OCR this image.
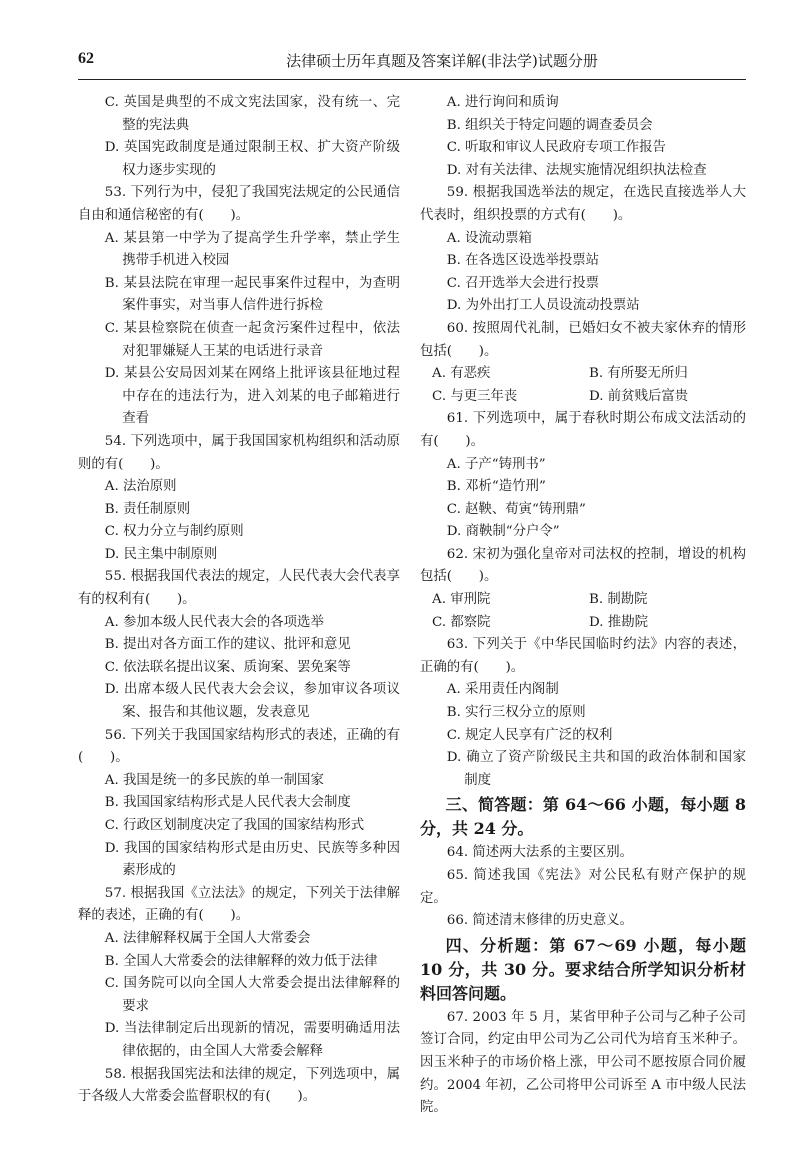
62	法律硕士历年真题及答案详解(非法学)试题分册
C. 英国是典型的不成文宪法国家，没有统一、完整的宪法典
D. 英国宪政制度是通过限制王权、扩大资产阶级权力逐步实现的
53. 下列行为中，侵犯了我国宪法规定的公民通信自由和通信秘密的有(　　)。
A. 某县第一中学为了提高学生升学率，禁止学生携带手机进入校园
B. 某县法院在审理一起民事案件过程中，为查明案件事实，对当事人信件进行拆检
C. 某县检察院在侦查一起贪污案件过程中，依法对犯罪嫌疑人王某的电话进行录音
D. 某县公安局因刘某在网络上批评该县征地过程中存在的违法行为，进入刘某的电子邮箱进行查看
54. 下列选项中，属于我国国家机构组织和活动原则的有(　　)。
A. 法治原则
B. 责任制原则
C. 权力分立与制约原则
D. 民主集中制原则
55. 根据我国代表法的规定，人民代表大会代表享有的权利有(　　)。
A. 参加本级人民代表大会的各项选举
B. 提出对各方面工作的建议、批评和意见
C. 依法联名提出议案、质询案、罢免案等
D. 出席本级人民代表大会会议，参加审议各项议案、报告和其他议题，发表意见
56. 下列关于我国国家结构形式的表述，正确的有(　　)。
A. 我国是统一的多民族的单一制国家
B. 我国国家结构形式是人民代表大会制度
C. 行政区划制度决定了我国的国家结构形式
D. 我国的国家结构形式是由历史、民族等多种因素形成的
57. 根据我国《立法法》的规定，下列关于法律解释的表述，正确的有(　　)。
A. 法律解释权属于全国人大常委会
B. 全国人大常委会的法律解释的效力低于法律
C. 国务院可以向全国人大常委会提出法律解释的要求
D. 当法律制定后出现新的情况，需要明确适用法律依据的，由全国人大常委会解释
58. 根据我国宪法和法律的规定，下列选项中，属于各级人大常委会监督职权的有(　　)。
A. 进行询问和质询
B. 组织关于特定问题的调查委员会
C. 听取和审议人民政府专项工作报告
D. 对有关法律、法规实施情况组织执法检查
59. 根据我国选举法的规定，在选民直接选举人大代表时，组织投票的方式有(　　)。
A. 设流动票箱
B. 在各选区设选举投票站
C. 召开选举大会进行投票
D. 为外出打工人员设流动投票站
60. 按照周代礼制，已婚妇女不被夫家休弃的情形包括(　　)。
A. 有恶疾	B. 有所娶无所归
C. 与更三年丧	D. 前贫贱后富贵
61. 下列选项中，属于春秋时期公布成文法活动的有(　　)。
A. 子产“铸刑书”
B. 邓析“造竹刑”
C. 赵鞅、荀寅“铸刑鼎”
D. 商鞅制“分户令”
62. 宋初为强化皇帝对司法权的控制，增设的机构包括(　　)。
A. 审刑院	B. 制勘院
C. 都察院	D. 推勘院
63. 下列关于《中华民国临时约法》内容的表述，正确的有(　　)。
A. 采用责任内阁制
B. 实行三权分立的原则
C. 规定人民享有广泛的权利
D. 确立了资产阶级民主共和国的政治体制和国家制度
三、简答题：第 64～66 小题，每小题 8 分，共 24 分。
64. 简述两大法系的主要区别。
65. 简述我国《宪法》对公民私有财产保护的规定。
66. 简述清末修律的历史意义。
四、分析题：第 67～69 小题，每小题 10 分，共 30 分。要求结合所学知识分析材料回答问题。
67. 2003 年 5 月，某省甲种子公司与乙种子公司签订合同，约定由甲公司为乙公司代为培育玉米种子。因玉米种子的市场价格上涨，甲公司不愿按原合同价履约。2004 年初，乙公司将甲公司诉至 A 市中级人民法院。
